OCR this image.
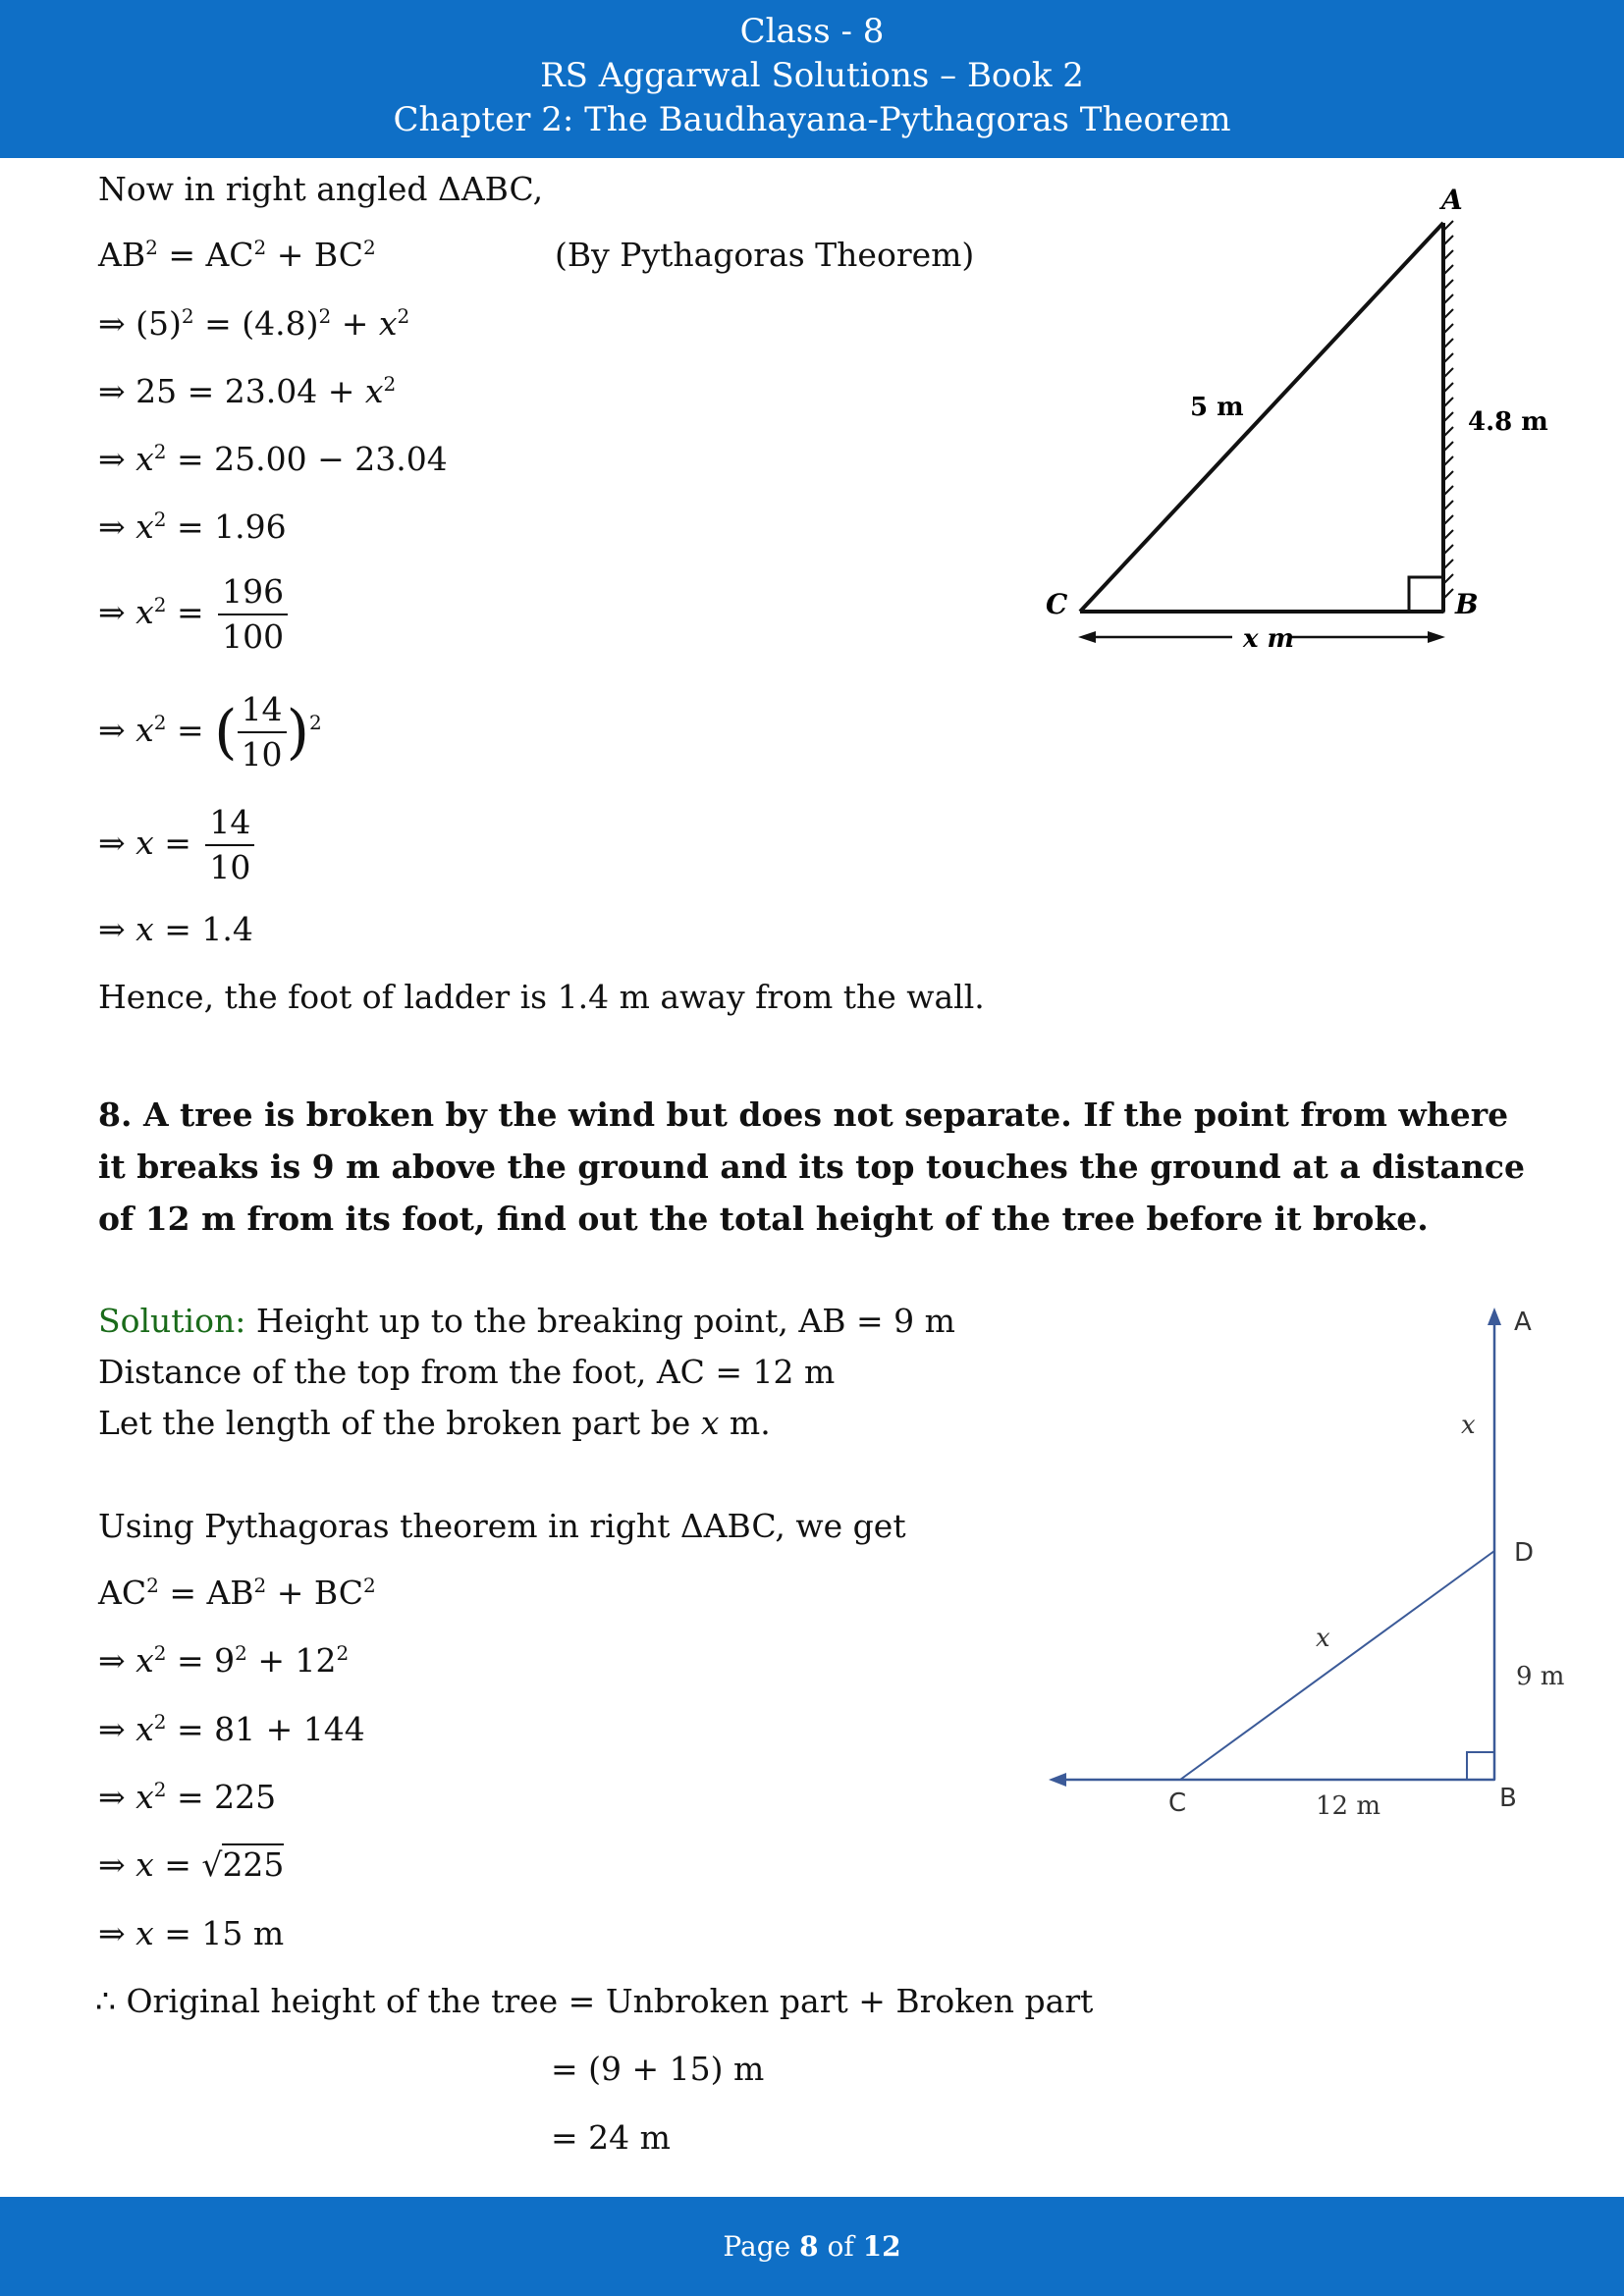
Class - 8
RS Aggarwal Solutions – Book 2
Chapter 2: The Baudhayana-Pythagoras Theorem
Now in right angled ΔABC,
$AB^2 = AC^2 + BC^2$	(By Pythagoras Theorem)
⇒ $(5)^2 = (4.8)^2 + x^2$
⇒ $25 = 23.04 + x^2$
⇒ $x^2 = 25.00 - 23.04$
⇒ $x^2 = 1.96$
⇒ $x^2 = \frac{196}{100}$
⇒ $x^2$ = ( $\frac{14}{10} )^2$
⇒ $x = \frac{14}{10}$
⇒ x = 1.4
Hence, the foot of ladder is 1.4 m away from the wall.
A
B
C
5 m	4.8 m
x m
8. A tree is broken by the wind but does not separate. If the point from where it breaks is 9 m above the ground and its top touches the ground at a distance of 12 m from its foot, find out the total height of the tree before it broke.
Solution: Height up to the breaking point, AB = 9 m
Distance of the top from the foot, AC = 12 m
Let the length of the broken part be x m.
Using Pythagoras theorem in right ΔABC, we get
$AC^2 = AB^2 + BC^2$
⇒ $x^2 = 9^2 + 12^2$
⇒ $x^2 = 81 + 144$
⇒ $x^2 = 225$
⇒ x = √225
⇒ x = 15 m
∴ Original height of the tree = Unbroken part + Broken part
= (9 + 15) m
= 24 m
A
D
B
C
x
x
9 m
12 m
Page 8 of 12
